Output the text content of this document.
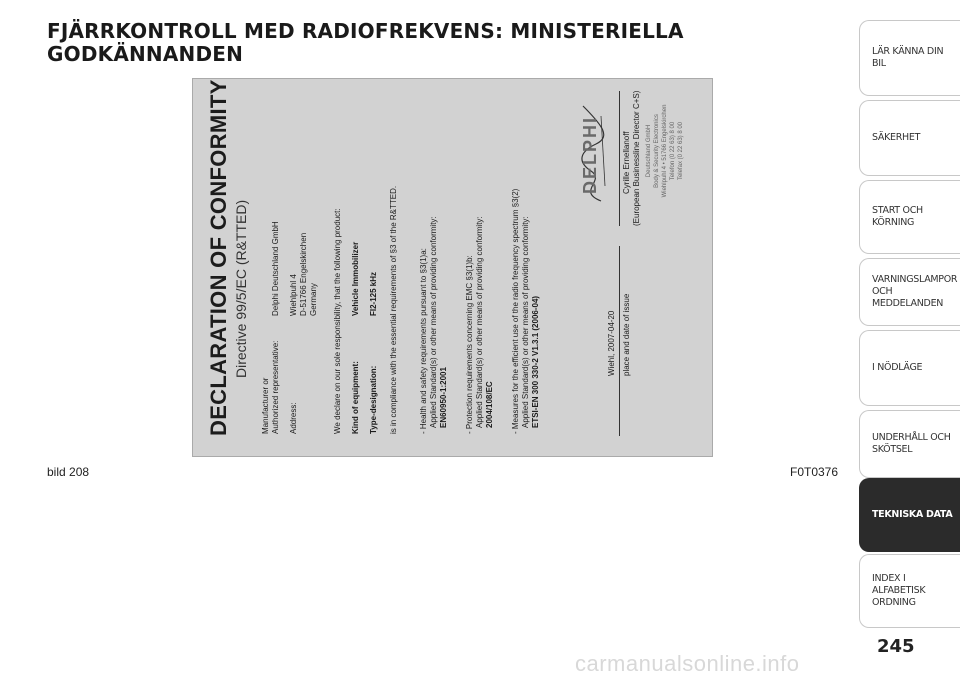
FJÄRRKONTROLL MED RADIOFREKVENS: MINISTERIELLA GODKÄNNANDEN
DECLARATION OF CONFORMITY Directive 99/5/EC (R&TTED)
Manufacturer or Authorized representative:
Delphi Deutschland GmbH
Address:
Wiehlpuhl 4 D-51766 Engelskirchen Germany We declare on our sole responsibility, that the following product: Kind of equipment:
Vehicle Immobilizer
Type-designation:
FI2-125 kHz is in compliance with the essential requirements of §3 of the R&TTED.	- Health and safety requirements pursuant to §3(1)a: Applied Standard(s) or other means of providing conformity: EN60950-1:2001 - Protection requirements concerning EMC §3(1)b: Applied Standard(s) or other means of providing conformity: 2004/108/EC - Measures for the efficient use of the radio frequency spectrum §3(2) Applied Standard(s) or other means of providing conformity: ETSI-EN 300 330-2 V1.3.1 (2006-04)	Wiehl, 2007-04-20 place and date of issue
Cyrille Ernellanoff (European Businessline Director C+S)
DELPHI	Deutschland GmbH Body & Security Electronics Wiehlpuhl 4 • 51766 Engelskirchen Telefon (0 22 63) 8 00 Telefax (0 22 63) 8 00
bild 208	F0T0376
LÄR KÄNNA DIN BIL
SÄKERHET
START OCH KÖRNING
VARNINGSLAMPOR OCH MEDDELANDEN
I NÖDLÄGE
UNDERHÅLL OCH SKÖTSEL
TEKNISKA DATA
INDEX I ALFABETISK ORDNING
245
carmanualsonline.info
